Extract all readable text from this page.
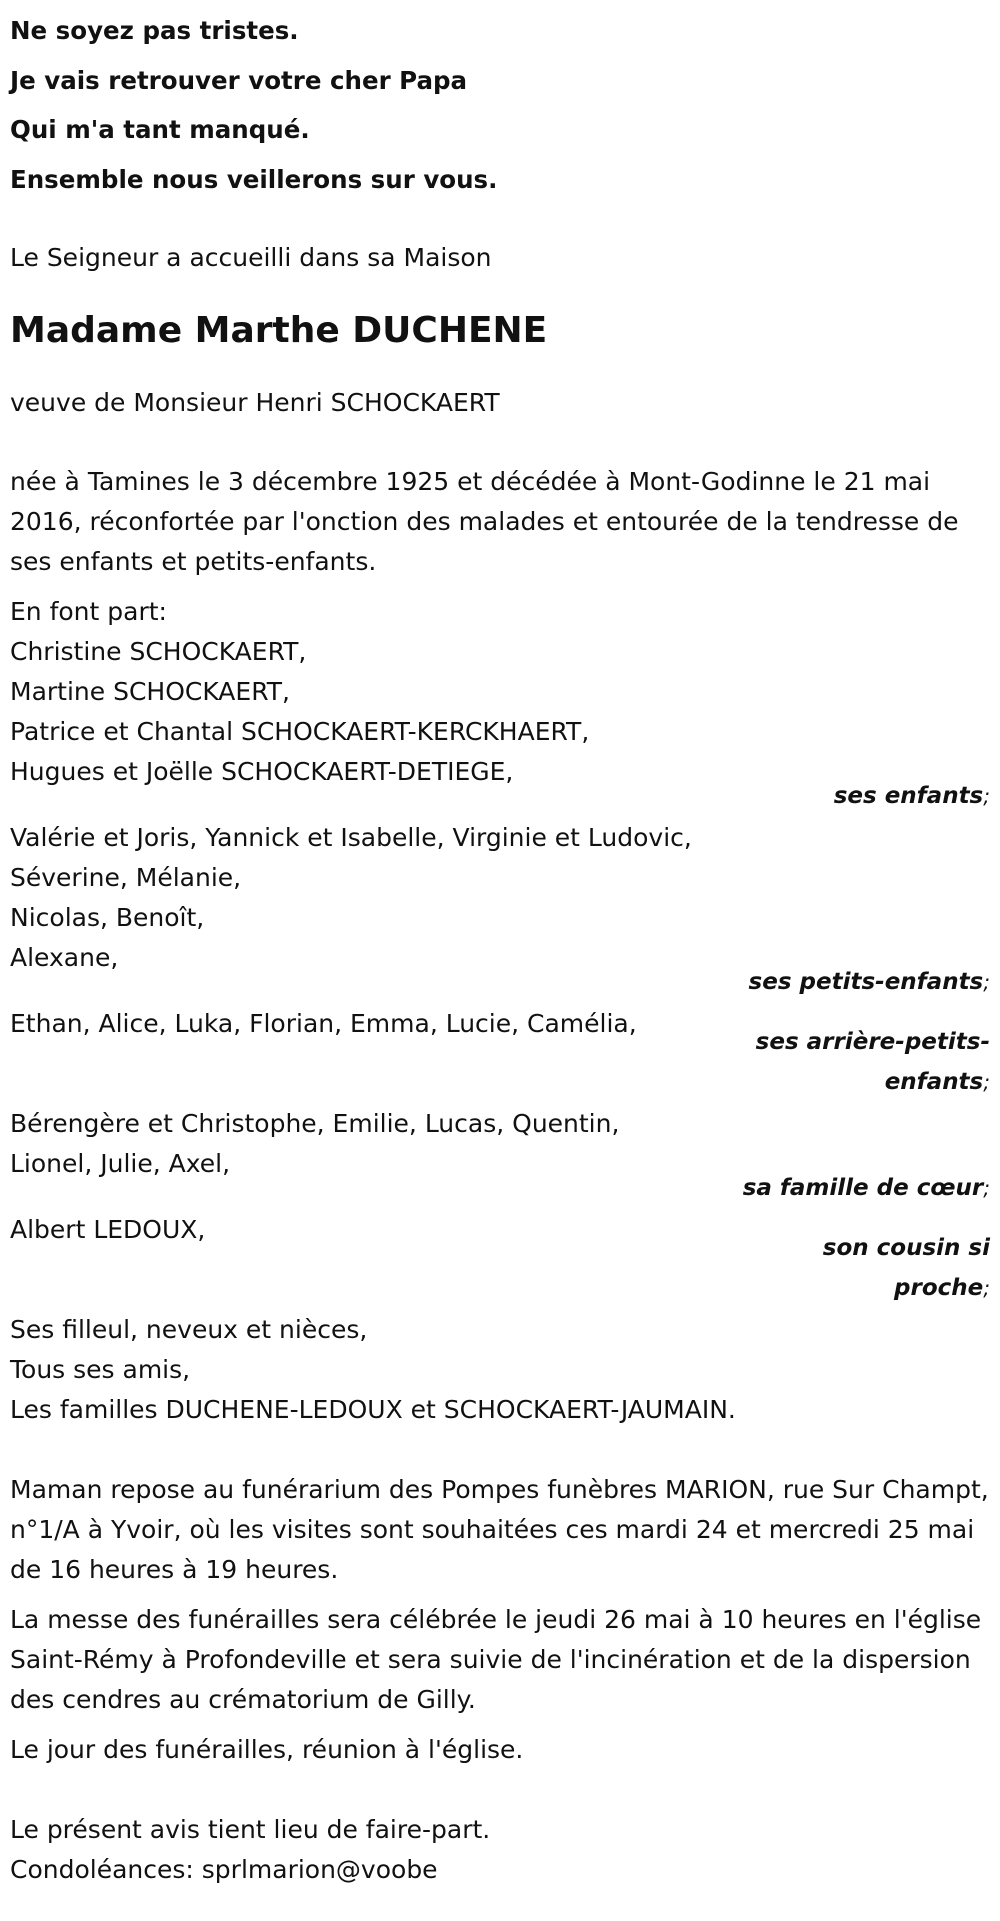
Ne soyez pas tristes.
Je vais retrouver votre cher Papa
Qui m'a tant manqué.
Ensemble nous veillerons sur vous.
Le Seigneur a accueilli dans sa Maison
Madame Marthe DUCHENE
veuve de Monsieur Henri SCHOCKAERT
née à Tamines le 3 décembre 1925 et décédée à Mont-Godinne le 21 mai 2016, réconfortée par l'onction des malades et entourée de la tendresse de ses enfants et petits-enfants.
En font part:
Christine SCHOCKAERT,
Martine SCHOCKAERT,
Patrice et Chantal SCHOCKAERT-KERCKHAERT,
Hugues et Joëlle SCHOCKAERT-DETIEGE,
ses enfants;
Valérie et Joris, Yannick et Isabelle, Virginie et Ludovic,
Séverine, Mélanie,
Nicolas, Benoît,
Alexane,
ses petits-enfants;
Ethan, Alice, Luka, Florian, Emma, Lucie, Camélia,
ses arrière-petits-enfants;
Bérengère et Christophe, Emilie, Lucas, Quentin,
Lionel, Julie, Axel,
sa famille de cœur;
Albert LEDOUX,
son cousin si proche;
Ses filleul, neveux et nièces,
Tous ses amis,
Les familles DUCHENE-LEDOUX et SCHOCKAERT-JAUMAIN.
Maman repose au funérarium des Pompes funèbres MARION, rue Sur Champt, n°1/A à Yvoir, où les visites sont souhaitées ces mardi 24 et mercredi 25 mai de 16 heures à 19 heures.
La messe des funérailles sera célébrée le jeudi 26 mai à 10 heures en l'église Saint-Rémy à Profondeville et sera suivie de l'incinération et de la dispersion des cendres au crématorium de Gilly.
Le jour des funérailles, réunion à l'église.
Le présent avis tient lieu de faire-part.
Condoléances: sprlmarion@voobe
